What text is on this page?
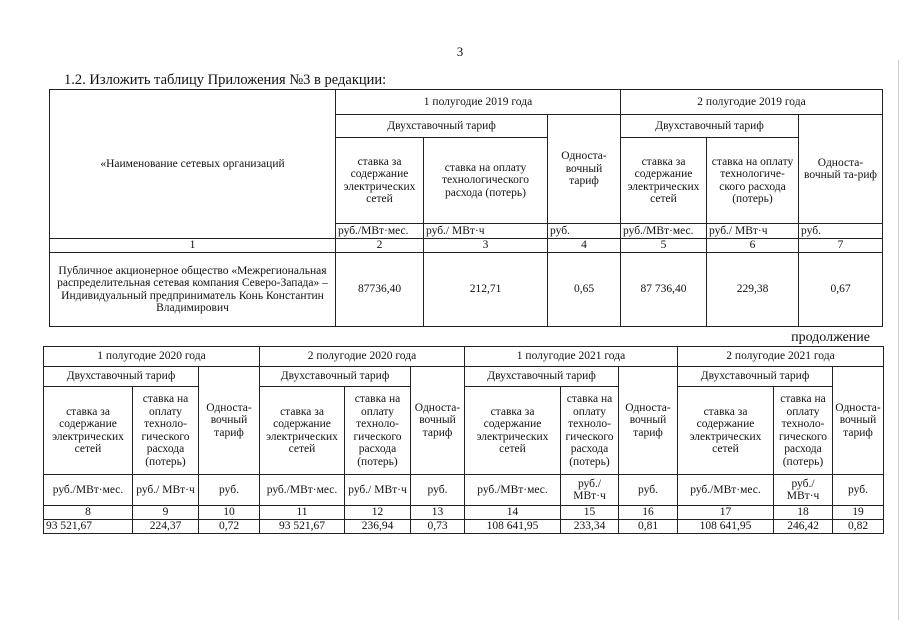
3
1.2. Изложить таблицу Приложения №3 в редакции:
«Наименование сетевых организаций	1 полугодие 2019 года			2 полугодие 2019 года		
	Двухставочный тариф		Односта-вочный тариф	Двухставочный тариф		Односта-вочный та-риф
	ставка за содержание электрических сетей	ставка на оплату технологического расхода (потерь)		ставка за содержание электрических сетей	ставка на оплату технологиче-ского расхода (потерь)	
	руб./МВт·мес.	руб./ МВт·ч	руб.	руб./МВт·мес.	руб./ МВт·ч	руб.
1	2	3	4	5	6	7
Публичное акционерное общество «Межрегиональная распределительная сетевая компания Северо-Запада» – Индивидуальный предприниматель Конь Константин Владимирович	87736,40	212,71	0,65	87 736,40	229,38	0,67
продолжение
1 полугодие 2020 года			2 полугодие 2020 года			1 полугодие 2021 года			2 полугодие 2021 года		
Двухставочный тариф		Односта-вочный тариф	Двухставочный тариф		Односта-вочный тариф	Двухставочный тариф		Односта-вочный тариф	Двухставочный тариф		Односта-вочный тариф
ставка за содержание электрических сетей	ставка на оплату техноло-гического расхода (потерь)		ставка за содержание электрических сетей	ставка на оплату техноло-гического расхода (потерь)		ставка за содержание электрических сетей	ставка на оплату техноло-гического расхода (потерь)		ставка за содержание электрических сетей	ставка на оплату техноло-гического расхода (потерь)	
руб./МВт·мес.	руб./ МВт·ч	руб.	руб./МВт·мес.	руб./ МВт·ч	руб.	руб./МВт·мес.	руб./ МВт·ч	руб.	руб./МВт·мес.	руб./ МВт·ч	руб.
8	9	10	11	12	13	14	15	16	17	18	19
93 521,67	224,37	0,72	93 521,67	236,94	0,73	108 641,95	233,34	0,81	108 641,95	246,42	0,82
